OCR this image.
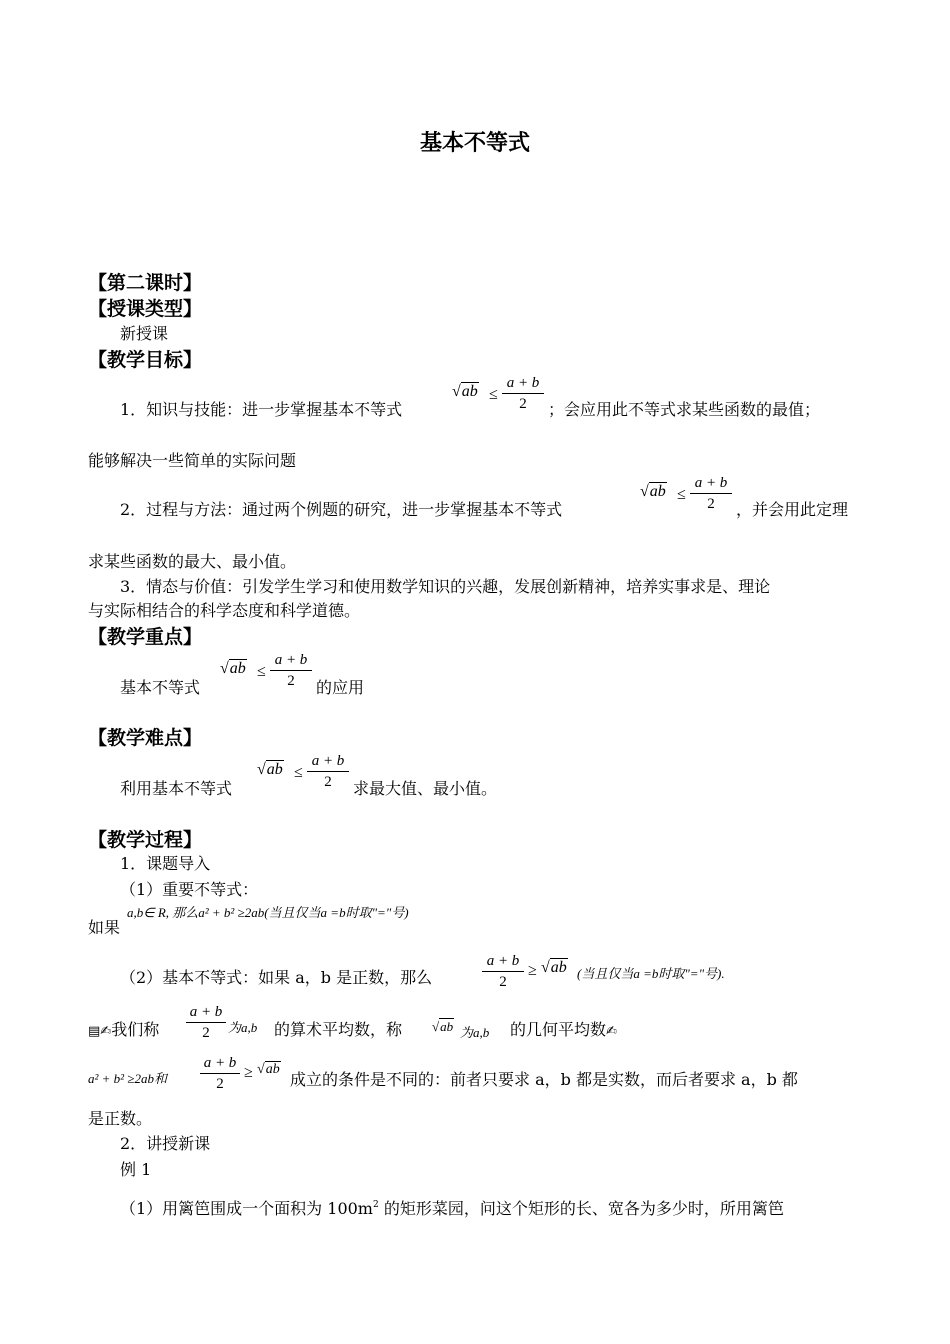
基本不等式
【第二课时】
【授课类型】
新授课
【教学目标】
1．知识与技能：进一步掌握基本不等式
√ab ≤
a + b
2	；会应用此不等式求某些函数的最值；
能够解决一些简单的实际问题
2．过程与方法：通过两个例题的研究，进一步掌握基本不等式
√ab ≤
a + b
2	，并会用此定理
求某些函数的最大、最小值。
3．情态与价值：引发学生学习和使用数学知识的兴趣，发展创新精神，培养实事求是、理论
与实际相结合的科学态度和科学道德。
【教学重点】
基本不等式
√ab ≤
a + b
2	的应用
【教学难点】
利用基本不等式
√ab ≤
a + b
2	求最大值、最小值。
【教学过程】
1．课题导入
（1）重要不等式：
a,b∈ R, 那么a² + b² ≥2ab(当且仅当a =b时取"="号)
如果
（2）基本不等式：如果 a，b 是正数，那么
a + b
2
≥ √ab (当且仅当a =b时取"="号).
▤✍我们称
a + b
2	为a,b 的算术平均数，称 √ab 为a,b 的几何平均数✍
a² + b² ≥2ab和
a + b
2
≥ √ab
成立的条件是不同的：前者只要求 a，b 都是实数，而后者要求 a，b 都
是正数。
2．讲授新课
例 1
（1）用篱笆围成一个面积为 $100m^2$ 的矩形菜园，问这个矩形的长、宽各为多少时，所用篱笆
